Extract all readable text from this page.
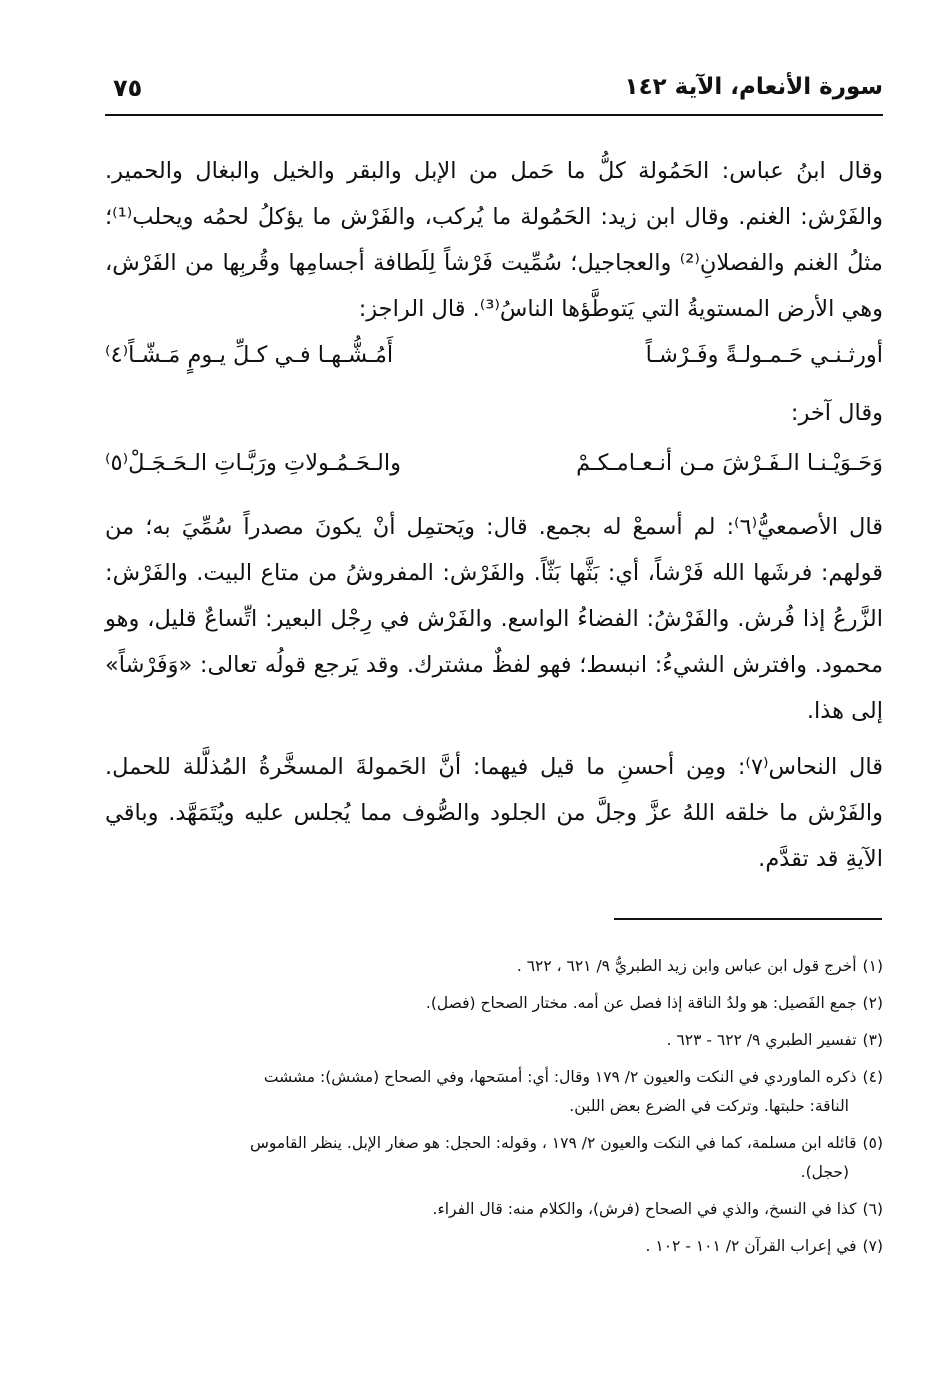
سورة الأنعام، الآية ١٤٢
٧٥

وقال ابنُ عباس: الحَمُولة كلُّ ما حَمل من الإبل والبقر والخيل والبغال والحمير. والفَرْش: الغنم. وقال ابن زيد: الحَمُولة ما يُركب، والفَرْش ما يؤكلُ لحمُه ويحلب⁽¹⁾؛ مثلُ الغنم والفصلانِ⁽²⁾ والعجاجيل؛ سُمِّيت فَرْشاً لِلَطافة أجسامِها وقُربِها من الفَرْش، وهي الأرض المستويةُ التي يَتوطَّؤها الناسُ⁽³⁾. قال الراجز:

أورثـنـي حَـمـولـةً وفَـرْشـاً
أَمُـشُّـهـا فـي كـلِّ يـومٍ مَـشّـاً⁽٤⁾

وقال آخر:

وَحَـوَيْـنـا الـفَـرْشَ مـن أنـعـامـكـمْ
والـحَـمُـولاتِ ورَبَّـاتِ الـحَـجَـلْ⁽٥⁾

قال الأصمعيُّ⁽٦⁾: لم أسمعْ له بجمع. قال: ويَحتمِل أنْ يكونَ مصدراً سُمِّيَ به؛ من قولهم: فرشَها الله فَرْشاً، أي: بَثَّها بَثّاً. والفَرْش: المفروشُ من متاع البيت. والفَرْش: الزَّرعُ إذا فُرش. والفَرْشُ: الفضاءُ الواسع. والفَرْش في رِجْل البعير: اتِّساعٌ قليل، وهو محمود. وافترش الشيءُ: انبسط؛ فهو لفظٌ مشترك. وقد يَرجع قولُه تعالى: «وَفَرْشاً» إلى هذا.

قال النحاس⁽٧⁾: ومِن أحسنِ ما قيل فيهما: أنَّ الحَمولةَ المسخَّرةُ المُذلَّلة للحمل. والفَرْش ما خلقه اللهُ عزَّ وجلَّ من الجلود والصُّوف مما يُجلس عليه ويُتَمَهَّد. وباقي الآيةِ قد تقدَّم.

(١)أخرج قول ابن عباس وابن زيد الطبريُّ ٩/ ٦٢١ ، ٦٢٢ .

(٢)جمع الفَصيل: هو ولدُ الناقة إذا فصل عن أمه. مختار الصحاح (فصل).

(٣)تفسير الطبري ٩/ ٦٢٢ - ٦٢٣ .

(٤)ذكره الماوردي في النكت والعيون ٢/ ١٧٩ وقال: أي: أمسَحها، وفي الصحاح (مشش): مششت
الناقة: حلبتها. وتركت في الضرع بعض اللبن.

(٥)قائله ابن مسلمة، كما في النكت والعيون ٢/ ١٧٩ ، وقوله: الحجل: هو صغار الإبل. ينظر القاموس
(حجل).

(٦)كذا في النسخ، والذي في الصحاح (فرش)، والكلام منه: قال الفراء.

(٧)في إعراب القرآن ٢/ ١٠١ - ١٠٢ .
